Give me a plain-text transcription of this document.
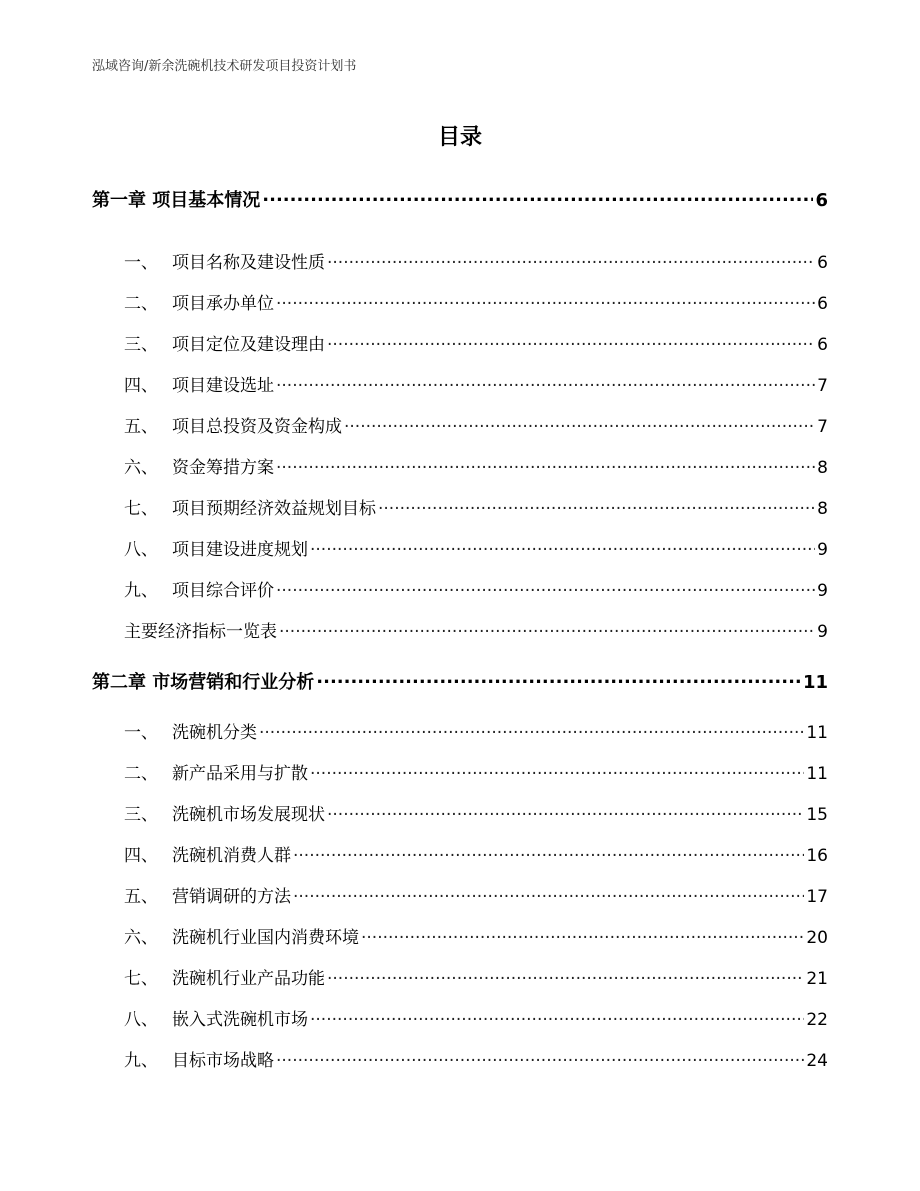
泓域咨询/新余洗碗机技术研发项目投资计划书
目录
第一章 项目基本情况 .....	6
一、 项目名称及建设性质 .....	6
二、 项目承办单位 .....	6
三、 项目定位及建设理由 .....	6
四、 项目建设选址 .....	7
五、 项目总投资及资金构成 .....	7
六、 资金筹措方案 .....	8
七、 项目预期经济效益规划目标 .....	8
八、 项目建设进度规划 .....	9
九、 项目综合评价 .....	9
主要经济指标一览表 .....	9
第二章 市场营销和行业分析 .....	11
一、 洗碗机分类 .....	11
二、 新产品采用与扩散 .....	11
三、 洗碗机市场发展现状 .....	15
四、 洗碗机消费人群 .....	16
五、 营销调研的方法 .....	17
六、 洗碗机行业国内消费环境 .....	20
七、 洗碗机行业产品功能 .....	21
八、 嵌入式洗碗机市场 .....	22
九、 目标市场战略 .....	24
